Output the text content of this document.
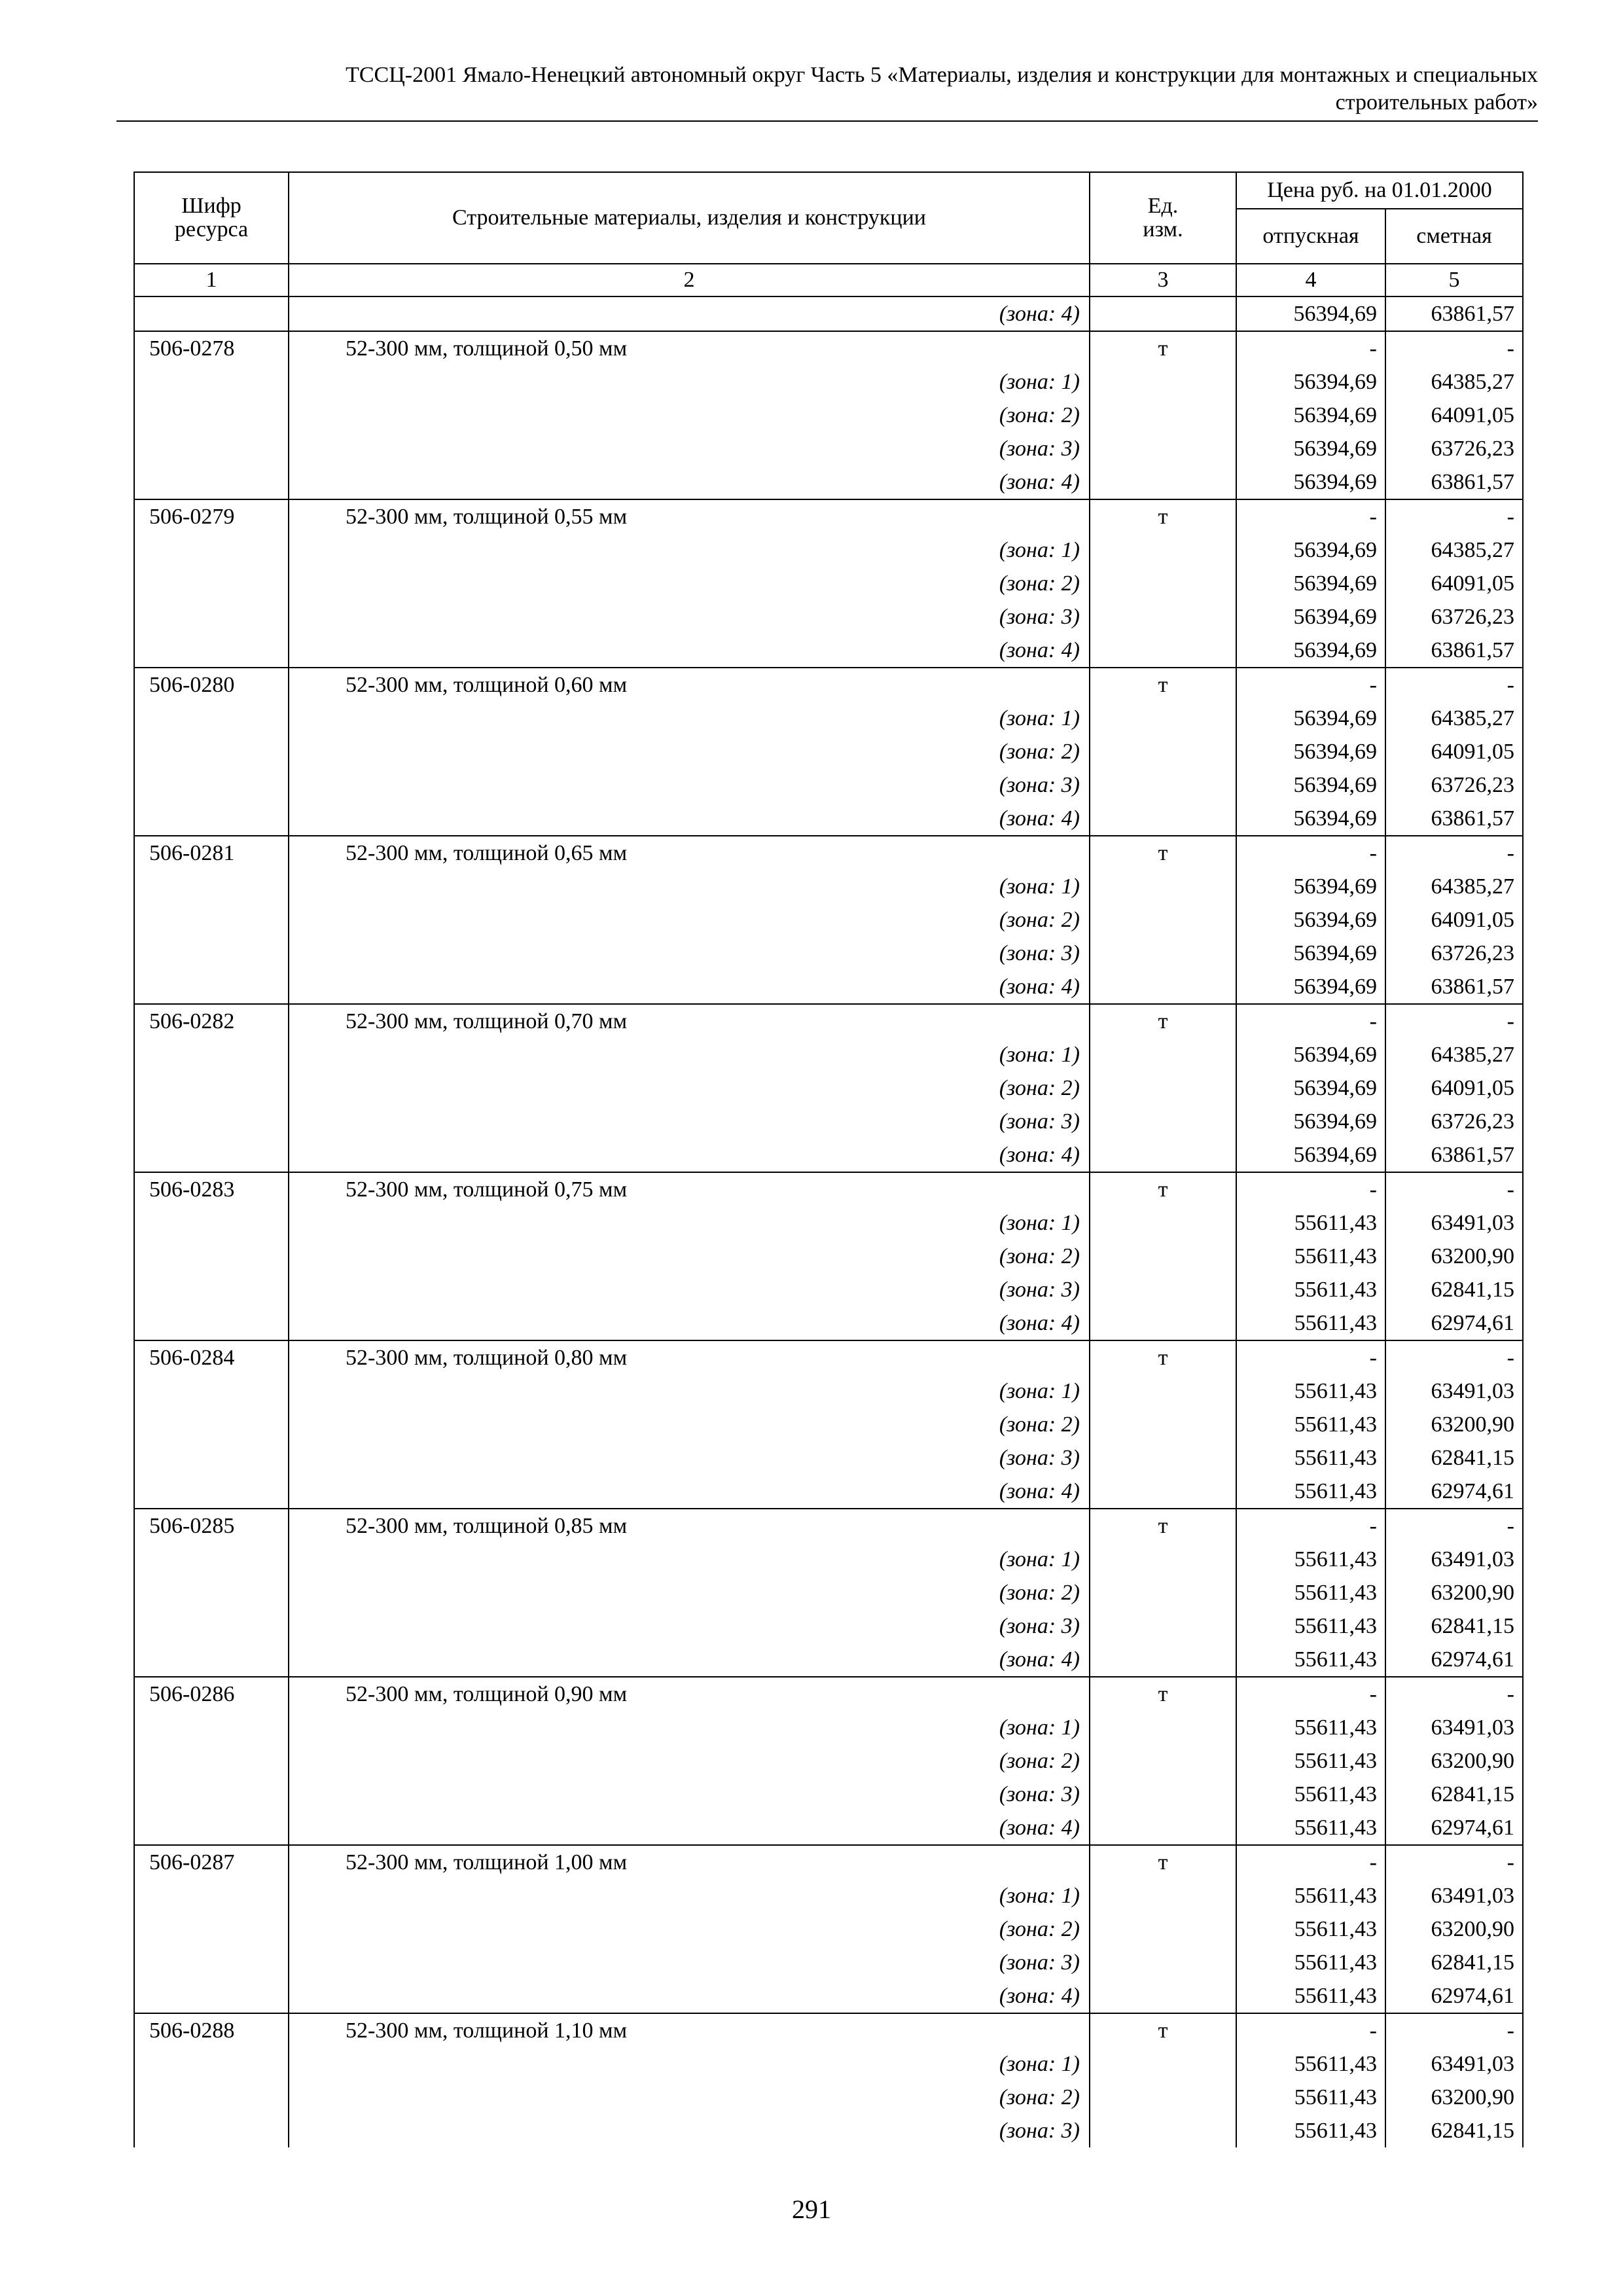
ТССЦ-2001 Ямало-Ненецкий автономный округ Часть 5 «Материалы, изделия и конструкции для монтажных и специальных
строительных работ»
Шифр ресурса	Строительные материалы, изделия и конструкции	Ед. изм.	Цена руб. на 01.01.2000	
			отпускная	сметная
1	2	3	4	5
	(зона: 4)		56394,69	63861,57
506-0278	52-300 мм, толщиной 0,50 мм	т	-	-
	(зона: 1)		56394,69	64385,27
	(зона: 2)		56394,69	64091,05
	(зона: 3)		56394,69	63726,23
	(зона: 4)		56394,69	63861,57
506-0279	52-300 мм, толщиной 0,55 мм	т	-	-
	(зона: 1)		56394,69	64385,27
	(зона: 2)		56394,69	64091,05
	(зона: 3)		56394,69	63726,23
	(зона: 4)		56394,69	63861,57
506-0280	52-300 мм, толщиной 0,60 мм	т	-	-
	(зона: 1)		56394,69	64385,27
	(зона: 2)		56394,69	64091,05
	(зона: 3)		56394,69	63726,23
	(зона: 4)		56394,69	63861,57
506-0281	52-300 мм, толщиной 0,65 мм	т	-	-
	(зона: 1)		56394,69	64385,27
	(зона: 2)		56394,69	64091,05
	(зона: 3)		56394,69	63726,23
	(зона: 4)		56394,69	63861,57
506-0282	52-300 мм, толщиной 0,70 мм	т	-	-
	(зона: 1)		56394,69	64385,27
	(зона: 2)		56394,69	64091,05
	(зона: 3)		56394,69	63726,23
	(зона: 4)		56394,69	63861,57
506-0283	52-300 мм, толщиной 0,75 мм	т	-	-
	(зона: 1)		55611,43	63491,03
	(зона: 2)		55611,43	63200,90
	(зона: 3)		55611,43	62841,15
	(зона: 4)		55611,43	62974,61
506-0284	52-300 мм, толщиной 0,80 мм	т	-	-
	(зона: 1)		55611,43	63491,03
	(зона: 2)		55611,43	63200,90
	(зона: 3)		55611,43	62841,15
	(зона: 4)		55611,43	62974,61
506-0285	52-300 мм, толщиной 0,85 мм	т	-	-
	(зона: 1)		55611,43	63491,03
	(зона: 2)		55611,43	63200,90
	(зона: 3)		55611,43	62841,15
	(зона: 4)		55611,43	62974,61
506-0286	52-300 мм, толщиной 0,90 мм	т	-	-
	(зона: 1)		55611,43	63491,03
	(зона: 2)		55611,43	63200,90
	(зона: 3)		55611,43	62841,15
	(зона: 4)		55611,43	62974,61
506-0287	52-300 мм, толщиной 1,00 мм	т	-	-
	(зона: 1)		55611,43	63491,03
	(зона: 2)		55611,43	63200,90
	(зона: 3)		55611,43	62841,15
	(зона: 4)		55611,43	62974,61
506-0288	52-300 мм, толщиной 1,10 мм	т	-	-
	(зона: 1)		55611,43	63491,03
	(зона: 2)		55611,43	63200,90
	(зона: 3)		55611,43	62841,15
291
